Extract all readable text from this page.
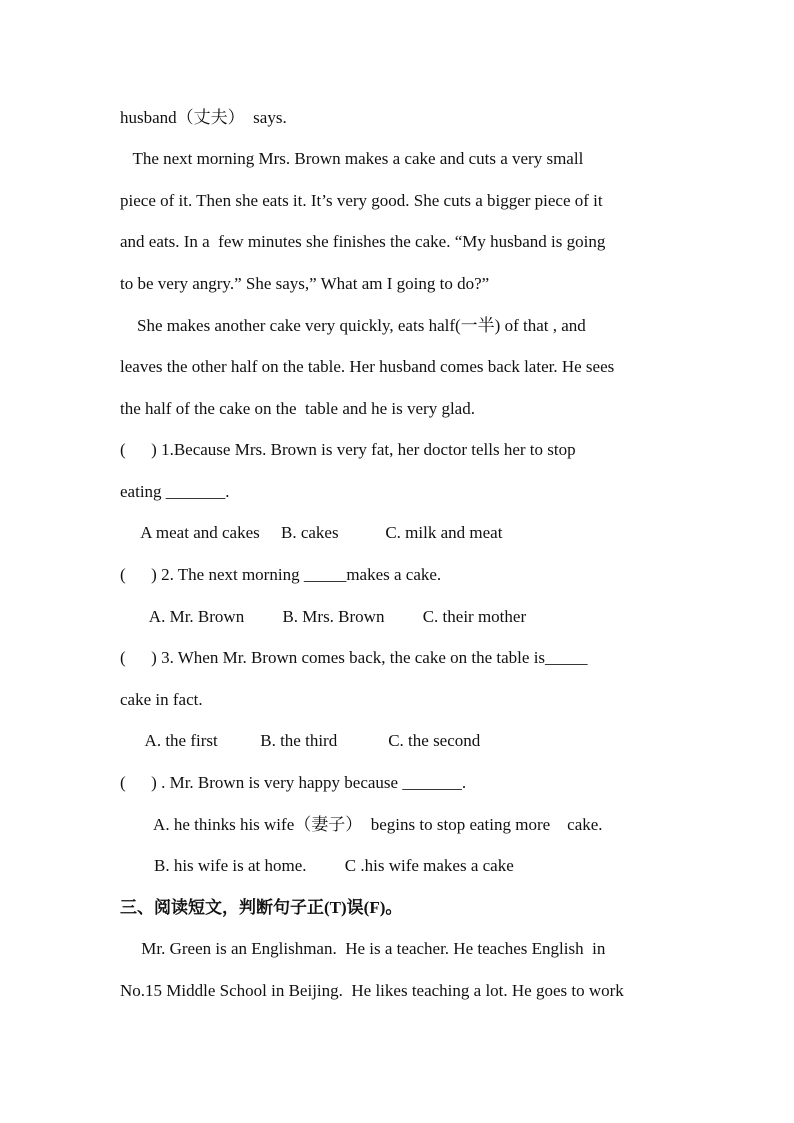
husband（丈夫）  says.
The next morning Mrs. Brown makes a cake and cuts a very small
piece of it. Then she eats it. It’s very good. She cuts a bigger piece of it
and eats. In a  few minutes she finishes the cake. “My husband is going
to be very angry.” She says,” What am I going to do?”
She makes another cake very quickly, eats half(一半) of that , and
leaves the other half on the table. Her husband comes back later. He sees
the half of the cake on the  table and he is very glad.
(      ) 1.Because Mrs. Brown is very fat, her doctor tells her to stop
eating _______.
A meat and cakes     B. cakes           C. milk and meat
(      ) 2. The next morning _____makes a cake.
A. Mr. Brown         B. Mrs. Brown         C. their mother
(      ) 3. When Mr. Brown comes back, the cake on the table is_____
cake in fact.
A. the first          B. the third            C. the second
(      ) . Mr. Brown is very happy because _______.
A. he thinks his wife（妻子）  begins to stop eating more    cake.
B. his wife is at home.         C .his wife makes a cake
三、阅读短文，判断句子正(T)误(F)。
Mr. Green is an Englishman.  He is a teacher. He teaches English  in
No.15 Middle School in Beijing.  He likes teaching a lot. He goes to work
